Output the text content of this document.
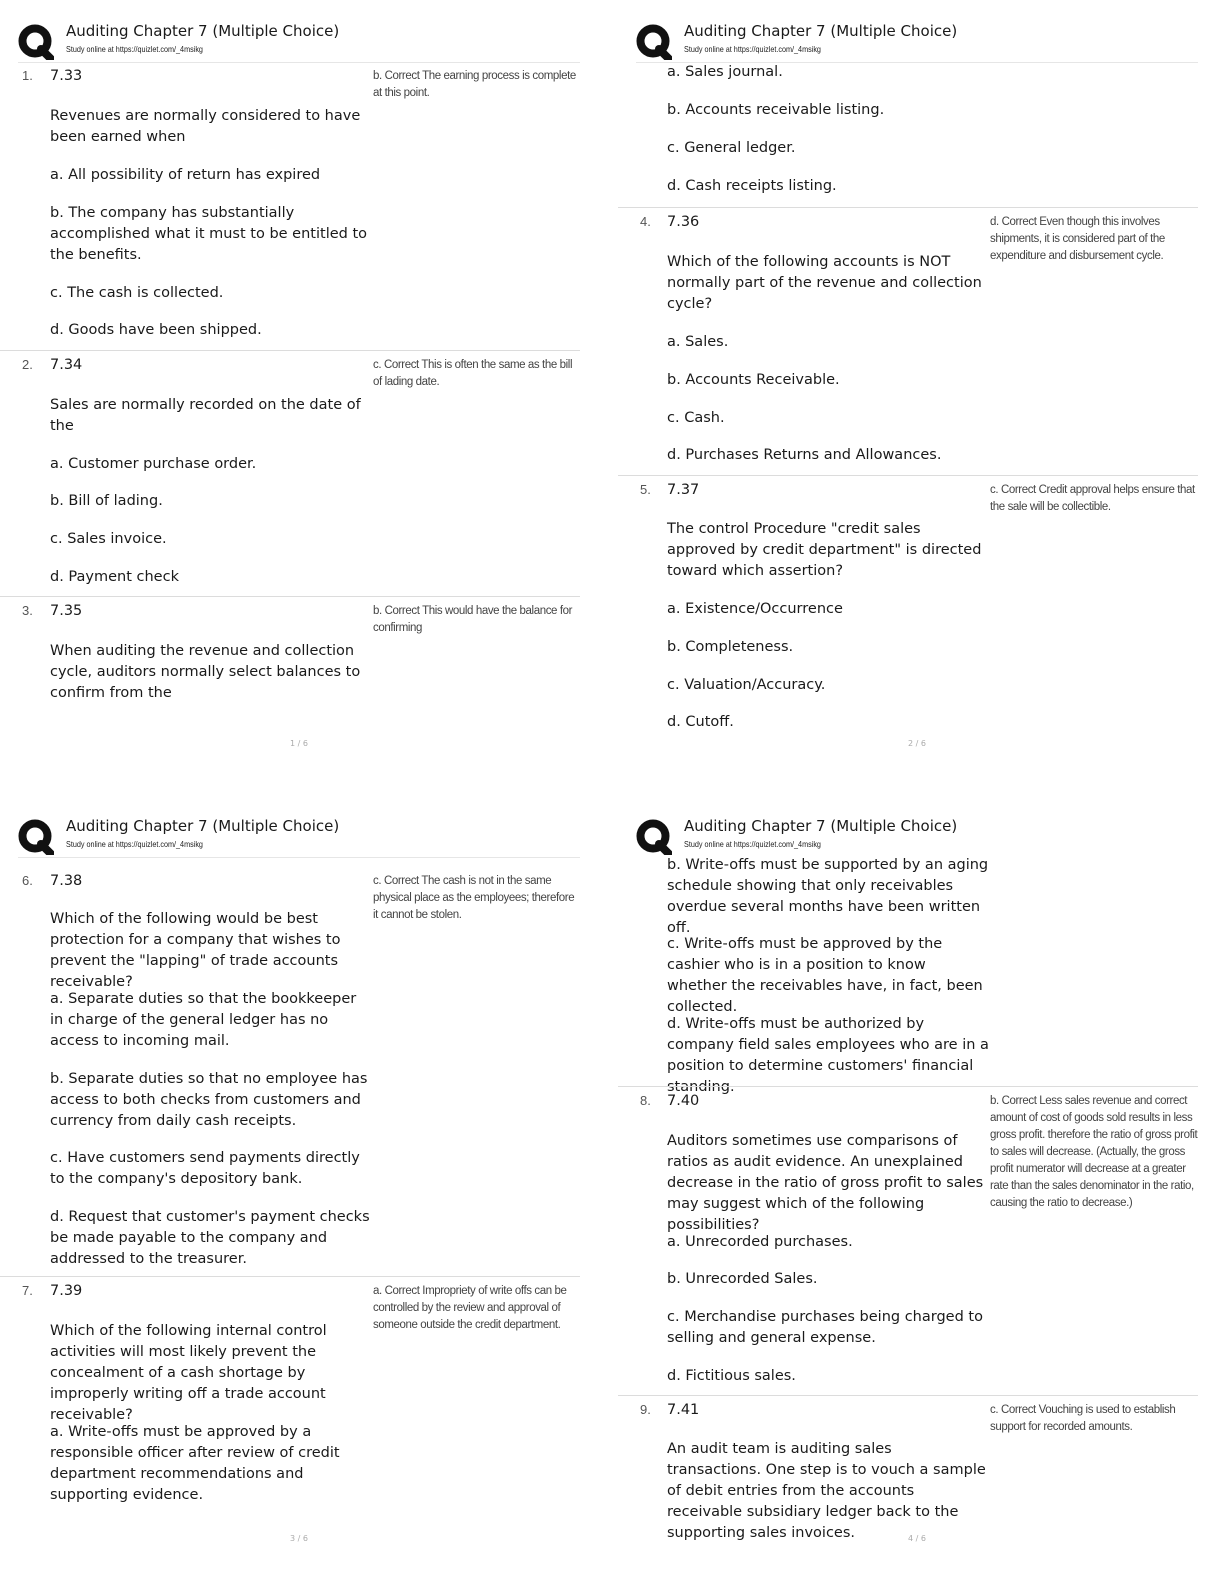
Auditing Chapter 7 (Multiple Choice)
Study online at https://quizlet.com/_4msikg
1. 7.33	b. Correct The earning process is complete at this point.
Revenues are normally considered to have been earned when
a. All possibility of return has expired
b. The company has substantially accomplished what it must to be entitled to the benefits.
c. The cash is collected.
d. Goods have been shipped.
2. 7.34	c. Correct This is often the same as the bill of lading date.
Sales are normally recorded on the date of the
a. Customer purchase order.
b. Bill of lading.
c. Sales invoice.
d. Payment check
3. 7.35	b. Correct This would have the balance for confirming
When auditing the revenue and collection cycle, auditors normally select balances to confirm from the
1 / 6
Auditing Chapter 7 (Multiple Choice)
Study online at https://quizlet.com/_4msikg
a. Sales journal.
b. Accounts receivable listing.
c. General ledger.
d. Cash receipts listing.
4. 7.36	d. Correct Even though this involves shipments, it is considered part of the expenditure and disbursement cycle.
Which of the following accounts is NOT normally part of the revenue and collection cycle?
a. Sales.
b. Accounts Receivable.
c. Cash.
d. Purchases Returns and Allowances.
5. 7.37	c. Correct Credit approval helps ensure that the sale will be collectible.
The control Procedure "credit sales approved by credit department" is directed toward which assertion?
a. Existence/Occurrence
b. Completeness.
c. Valuation/Accuracy.
d. Cutoff.
2 / 6
Auditing Chapter 7 (Multiple Choice)
Study online at https://quizlet.com/_4msikg
6. 7.38	c. Correct The cash is not in the same physical place as the employees; therefore it cannot be stolen.
Which of the following would be best protection for a company that wishes to prevent the "lapping" of trade accounts receivable?
a. Separate duties so that the bookkeeper in charge of the general ledger has no access to incoming mail.
b. Separate duties so that no employee has access to both checks from customers and currency from daily cash receipts.
c. Have customers send payments directly to the company's depository bank.
d. Request that customer's payment checks be made payable to the company and addressed to the treasurer.
7. 7.39	a. Correct Impropriety of write offs can be controlled by the review and approval of someone outside the credit department.
Which of the following internal control activities will most likely prevent the concealment of a cash shortage by improperly writing off a trade account receivable?
a. Write-offs must be approved by a responsible officer after review of credit department recommendations and supporting evidence.
3 / 6
Auditing Chapter 7 (Multiple Choice)
Study online at https://quizlet.com/_4msikg
b. Write-offs must be supported by an aging schedule showing that only receivables overdue several months have been written off.
c. Write-offs must be approved by the cashier who is in a position to know whether the receivables have, in fact, been collected.
d. Write-offs must be authorized by company field sales employees who are in a position to determine customers' financial standing.
8. 7.40	b. Correct Less sales revenue and correct amount of cost of goods sold results in less gross profit. therefore the ratio of gross profit to sales will decrease. (Actually, the gross profit numerator will decrease at a greater rate than the sales denominator in the ratio, causing the ratio to decrease.)
Auditors sometimes use comparisons of ratios as audit evidence. An unexplained decrease in the ratio of gross profit to sales may suggest which of the following possibilities?
a. Unrecorded purchases.
b. Unrecorded Sales.
c. Merchandise purchases being charged to selling and general expense.
d. Fictitious sales.
9. 7.41	c. Correct Vouching is used to establish support for recorded amounts.
An audit team is auditing sales transactions. One step is to vouch a sample of debit entries from the accounts receivable subsidiary ledger back to the supporting sales invoices.	4 / 6
